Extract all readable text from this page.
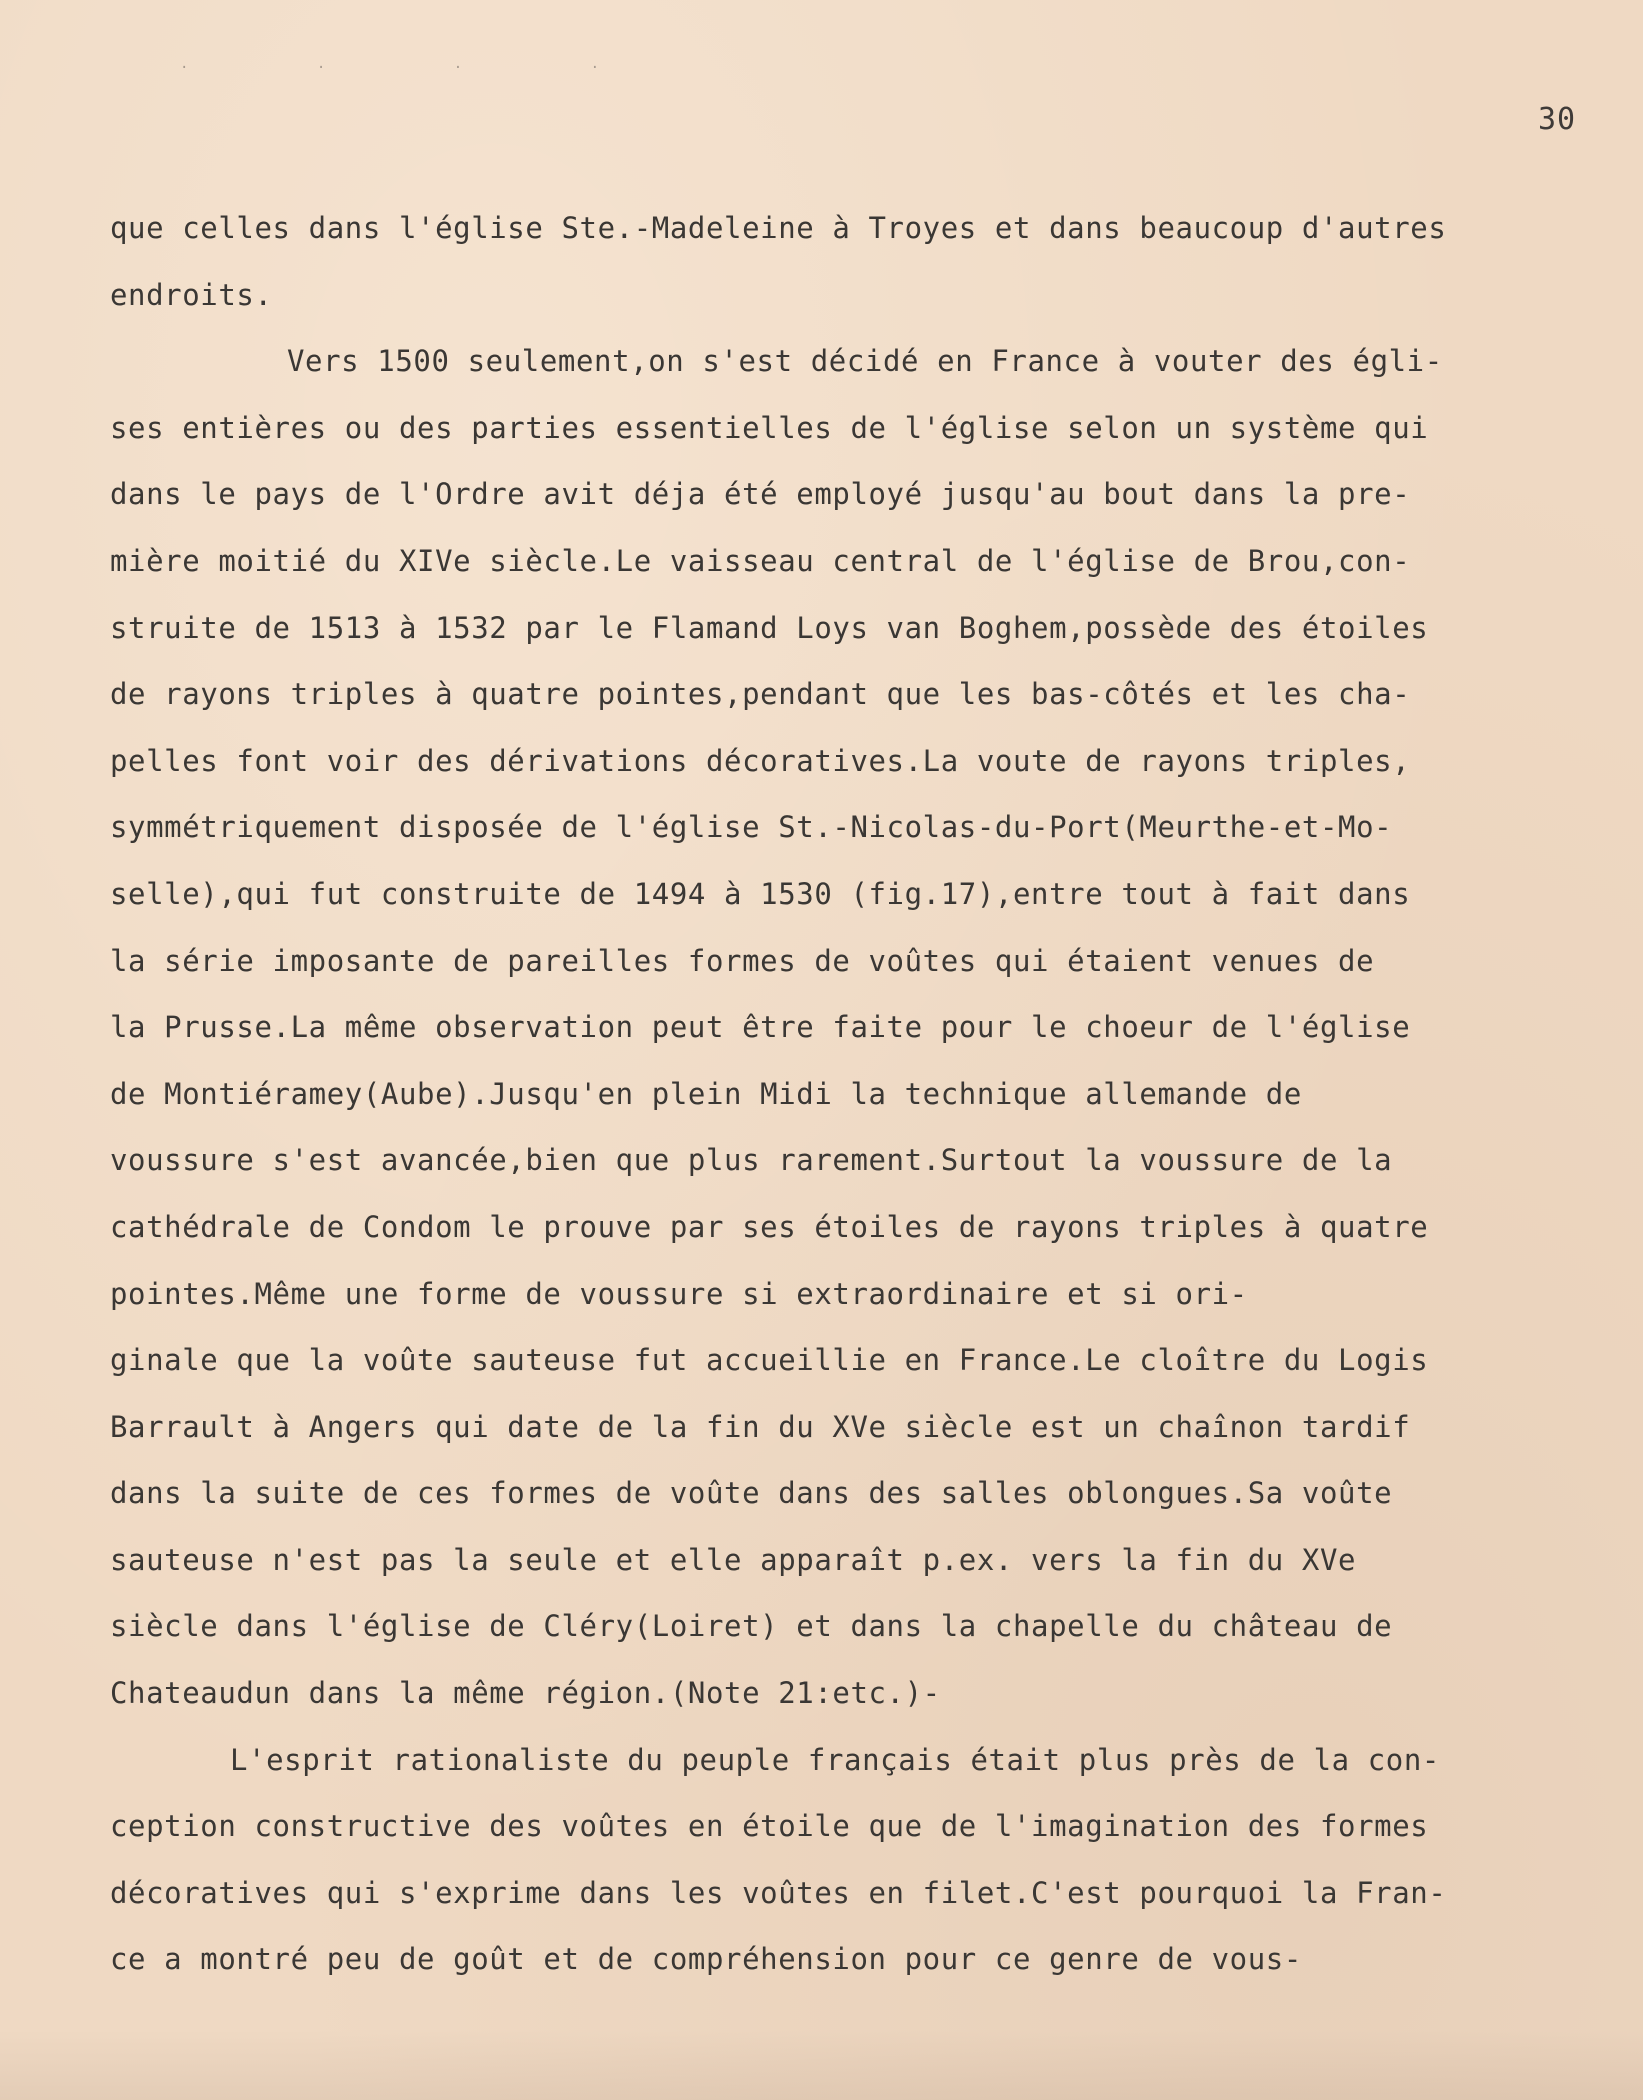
· · · ·
30
que celles dans l'église Ste.-Madeleine à Troyes et dans beaucoup d'autres
endroits.
Vers 1500 seulement,on s'est décidé en France à vouter des égli-
ses entières ou des parties essentielles de l'église selon un système qui
dans le pays de l'Ordre avit déja été employé jusqu'au bout dans la pre-
mière moitié du XIVe siècle.Le vaisseau central de l'église de Brou,con-
struite de 1513 à 1532 par le Flamand Loys van Boghem,possède des étoiles
de rayons triples à quatre pointes,pendant que les bas-côtés et les cha-
pelles font voir des dérivations décoratives.La voute de rayons triples,
symmétriquement disposée de l'église St.-Nicolas-du-Port(Meurthe-et-Mo-
selle),qui fut construite de 1494 à 1530 (fig.17),entre tout à fait dans
la série imposante de pareilles formes de voûtes qui étaient venues de
la Prusse.La même observation peut être faite pour le choeur de l'église
de Montiéramey(Aube).Jusqu'en plein Midi la technique allemande de
voussure s'est avancée,bien que plus rarement.Surtout la voussure de la
cathédrale de Condom le prouve par ses étoiles de rayons triples à quatre
pointes.Même une forme de voussure si extraordinaire et si ori-
ginale que la voûte sauteuse fut accueillie en France.Le cloître du Logis
Barrault à Angers qui date de la fin du XVe siècle est un chaînon tardif
dans la suite de ces formes de voûte dans des salles oblongues.Sa voûte
sauteuse n'est pas la seule et elle apparaît p.ex. vers la fin du XVe
siècle dans l'église de Cléry(Loiret) et dans la chapelle du château de
Chateaudun dans la même région.(Note 21:etc.)-
L'esprit rationaliste du peuple français était plus près de la con-
ception constructive des voûtes en étoile que de l'imagination des formes
décoratives qui s'exprime dans les voûtes en filet.C'est pourquoi la Fran-
ce a montré peu de goût et de compréhension pour ce genre de vous-
